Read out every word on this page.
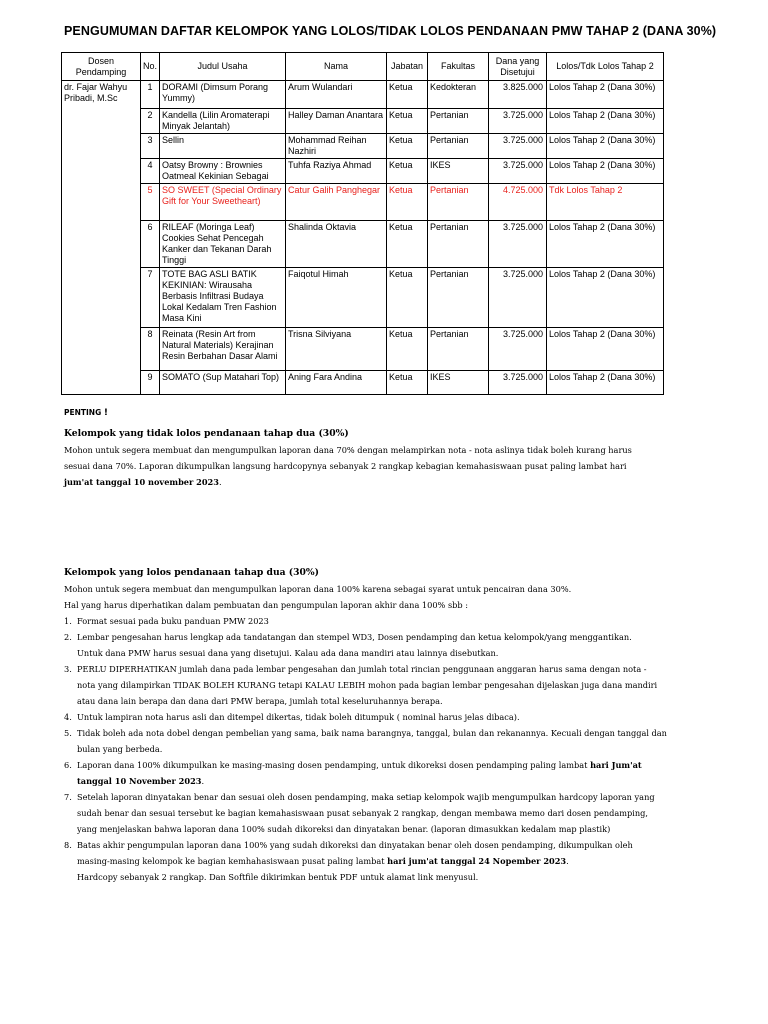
PENGUMUMAN DAFTAR KELOMPOK YANG LOLOS/TIDAK LOLOS PENDANAAN PMW TAHAP 2 (DANA 30%)
Dosen Pendamping	No.	Judul Usaha	Nama	Jabatan	Fakultas	Dana yang Disetujui	Lolos/Tdk Lolos Tahap 2
dr. Fajar Wahyu Pribadi, M.Sc	1	DORAMI (Dimsum Porang Yummy)	Arum Wulandari	Ketua	Kedokteran	3.825.000	Lolos Tahap 2 (Dana 30%)
	2	Kandella (Lilin Aromaterapi Minyak Jelantah)	Halley Daman Anantara	Ketua	Pertanian	3.725.000	Lolos Tahap 2 (Dana 30%)
	3	Sellin	Mohammad Reihan Nazhiri	Ketua	Pertanian	3.725.000	Lolos Tahap 2 (Dana 30%)
	4	Oatsy Browny : Brownies Oatmeal Kekinian Sebagai	Tuhfa Raziya Ahmad	Ketua	IKES	3.725.000	Lolos Tahap 2 (Dana 30%)
	5	SO SWEET (Special Ordinary Gift for Your Sweetheart)	Catur Galih Panghegar	Ketua	Pertanian	4.725.000	Tdk Lolos Tahap 2
	6	RILEAF (Moringa Leaf) Cookies Sehat Pencegah Kanker dan Tekanan Darah Tinggi	Shalinda Oktavia	Ketua	Pertanian	3.725.000	Lolos Tahap 2 (Dana 30%)
	7	TOTE BAG ASLI BATIK KEKINIAN: Wirausaha Berbasis Infiltrasi Budaya Lokal Kedalam Tren Fashion Masa Kini	Faiqotul Himah	Ketua	Pertanian	3.725.000	Lolos Tahap 2 (Dana 30%)
	8	Reinata (Resin Art from Natural Materials) Kerajinan Resin Berbahan Dasar Alami	Trisna Silviyana	Ketua	Pertanian	3.725.000	Lolos Tahap 2 (Dana 30%)
	9	SOMATO (Sup Matahari Top)	Aning Fara Andina	Ketua	IKES	3.725.000	Lolos Tahap 2 (Dana 30%)

PENTING !
Kelompok yang tidak lolos pendanaan tahap dua (30%)
Mohon untuk segera membuat dan mengumpulkan laporan dana 70% dengan melampirkan nota - nota aslinya tidak boleh kurang harus
sesuai dana 70%. Laporan dikumpulkan langsung hardcopynya sebanyak 2 rangkap kebagian kemahasiswaan pusat paling lambat hari
jum'at tanggal 10 november 2023.
Kelompok yang lolos pendanaan tahap dua (30%)
Mohon untuk segera membuat dan mengumpulkan laporan dana 100% karena sebagai syarat untuk pencairan dana 30%.
Hal yang harus diperhatikan dalam pembuatan dan pengumpulan laporan akhir dana 100% sbb :
1. Format sesuai pada buku panduan PMW 2023
2. Lembar pengesahan harus lengkap ada tandatangan dan stempel WD3, Dosen pendamping dan ketua kelompok/yang menggantikan.
Untuk dana PMW harus sesuai dana yang disetujui. Kalau ada dana mandiri atau lainnya disebutkan.
3. PERLU DIPERHATIKAN jumlah dana pada lembar pengesahan dan jumlah total rincian penggunaan anggaran harus sama dengan nota -
nota yang dilampirkan TIDAK BOLEH KURANG tetapi KALAU LEBIH mohon pada bagian lembar pengesahan dijelaskan juga dana mandiri
atau dana lain berapa dan dana dari PMW berapa, jumlah total keseluruhannya berapa.
4. Untuk lampiran nota harus asli dan ditempel dikertas, tidak boleh ditumpuk ( nominal harus jelas dibaca).
5. Tidak boleh ada nota dobel dengan pembelian yang sama, baik nama barangnya, tanggal, bulan dan rekanannya. Kecuali dengan tanggal dan
bulan yang berbeda.
6. Laporan dana 100% dikumpulkan ke masing-masing dosen pendamping, untuk dikoreksi dosen pendamping paling lambat hari Jum'at
tanggal 10 November 2023.
7. Setelah laporan dinyatakan benar dan sesuai oleh dosen pendamping, maka setiap kelompok wajib mengumpulkan hardcopy laporan yang
sudah benar dan sesuai tersebut ke bagian kemahasiswaan pusat sebanyak 2 rangkap, dengan membawa memo dari dosen pendamping,
yang menjelaskan bahwa laporan dana 100% sudah dikoreksi dan dinyatakan benar. (laporan dimasukkan kedalam map plastik)
8. Batas akhir pengumpulan laporan dana 100% yang sudah dikoreksi dan dinyatakan benar oleh dosen pendamping, dikumpulkan oleh
masing-masing kelompok ke bagian kemhahasiswaan pusat paling lambat hari jum'at tanggal 24 Nopember 2023.
Hardcopy sebanyak 2 rangkap. Dan Softfile dikirimkan bentuk PDF untuk alamat link menyusul.
